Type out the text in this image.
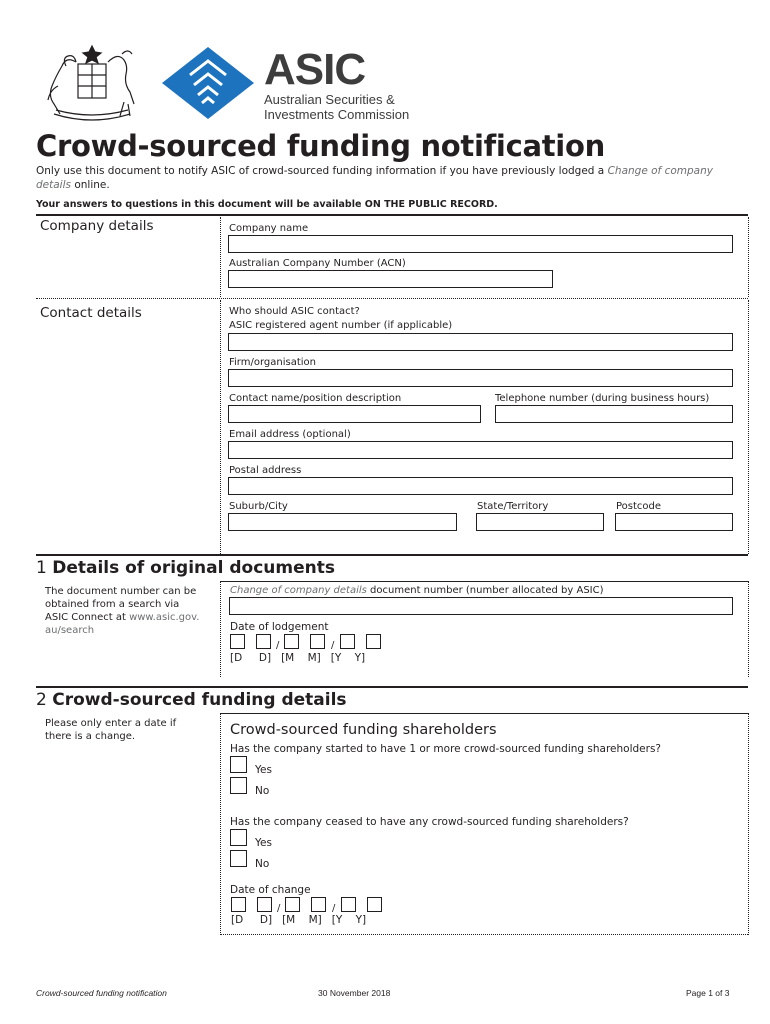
ASIC
Australian Securities &
Investments Commission
Crowd-sourced funding notification
Only use this document to notify ASIC of crowd-sourced funding information if you have previously lodged a Change of company details online.
Your answers to questions in this document will be available ON THE PUBLIC RECORD.
Company details	Company name
Australian Company Number (ACN)
Contact details	Who should ASIC contact?
ASIC registered agent number (if applicable)
Firm/organisation
Contact name/position description	Telephone number (during business hours)
Email address (optional)
Postal address
Suburb/City	State/Territory	Postcode
1 Details of original documents
The document number can be
obtained from a search via
ASIC Connect at www.asic.gov.
au/search
Change of company details document number (number allocated by ASIC)
Date of lodgement
/	/
[D     D]   [M    M]   [Y    Y]
2 Crowd-sourced funding details
Please only enter a date if
there is a change.	Crowd-sourced funding shareholders
Has the company started to have 1 or more crowd-sourced funding shareholders?
Yes
No
Has the company ceased to have any crowd-sourced funding shareholders?
Yes
No
Date of change
/	/
[D     D]   [M    M]   [Y    Y]
Crowd-sourced funding notification	30 November 2018	Page 1 of 3
